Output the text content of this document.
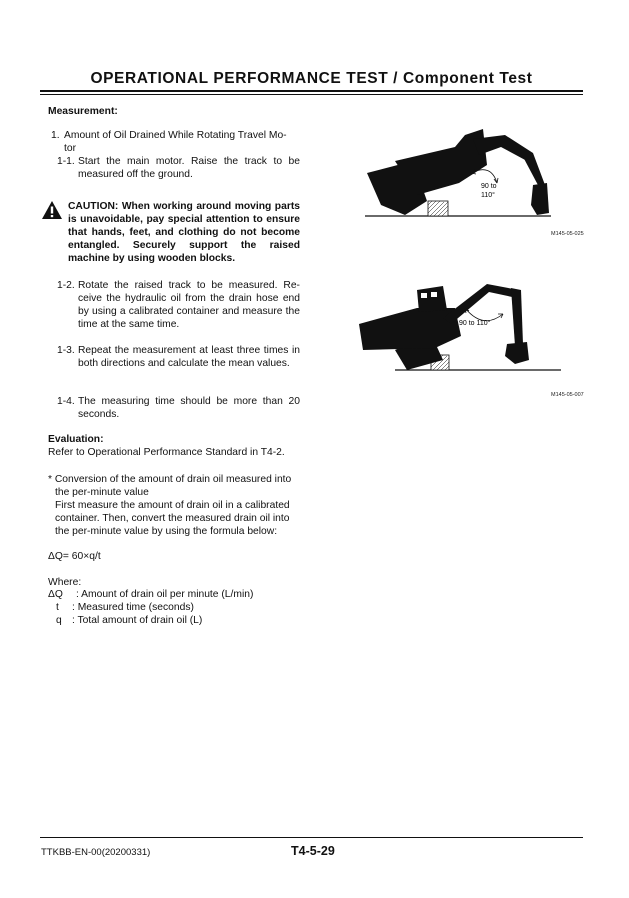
OPERATIONAL PERFORMANCE TEST / Component Test
Measurement:
1. Amount of Oil Drained While Rotating Travel Mo-
tor
1-1. Start the main motor. Raise the track to be measured off the ground.
CAUTION: When working around moving parts is unavoidable, pay special attention to ensure that hands, feet, and clothing do not become entangled. Securely support the raised machine by using wooden blocks.
1-2. Rotate the raised track to be measured. Re-ceive the hydraulic oil from the drain hose end by using a calibrated container and measure the time at the same time.
1-3. Repeat the measurement at least three times in both directions and calculate the mean values.
1-4. The measuring time should be more than 20 seconds.
Evaluation:
Refer to Operational Performance Standard in T4-2.
* Conversion of the amount of drain oil measured into
the per-minute value
First measure the amount of drain oil in a calibrated
container. Then, convert the measured drain oil into
the per-minute value by using the formula below:
ΔQ= 60×q/t
Where:
ΔQ : Amount of drain oil per minute (L/min)
t : Measured time (seconds)
q : Total amount of drain oil (L)
90 to
110°
M145-05-025
90 to 110°
M145-05-007
TTKBB-EN-00(20200331)	T4-5-29
